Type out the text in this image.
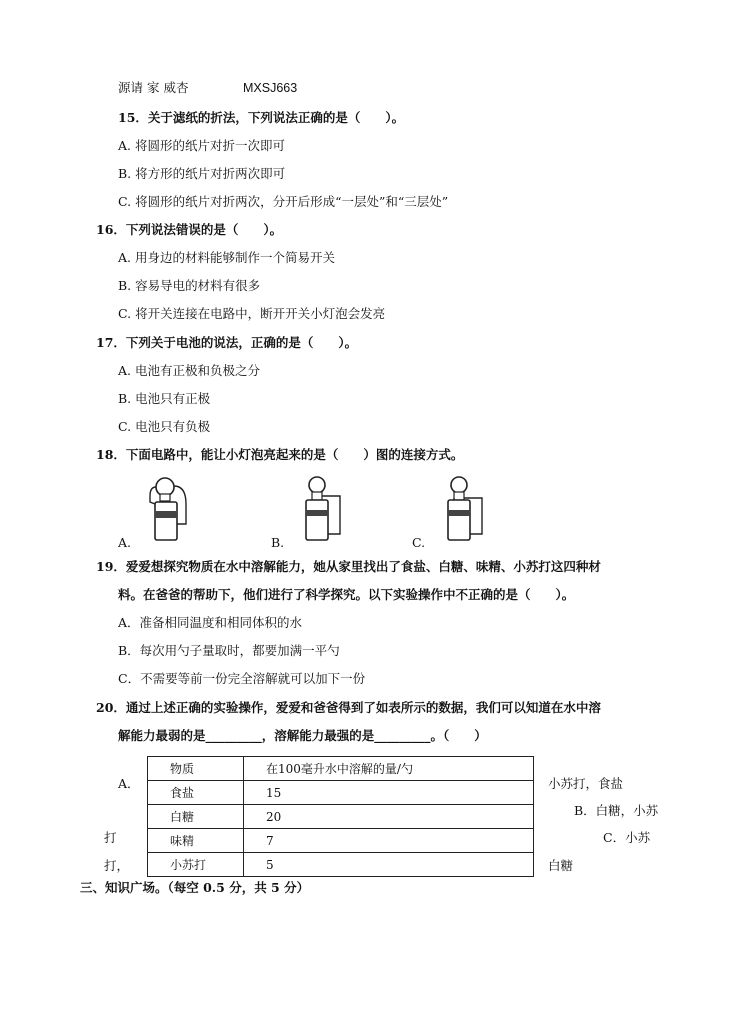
源请 家 威杏	MXSJ663
15．关于滤纸的折法，下列说法正确的是（　　）。
A. 将圆形的纸片对折一次即可
B. 将方形的纸片对折两次即可
C. 将圆形的纸片对折两次，分开后形成“一层处”和“三层处”
16．下列说法错误的是（　　）。
A. 用身边的材料能够制作一个简易开关
B. 容易导电的材料有很多
C. 将开关连接在电路中，断开开关小灯泡会发亮
17．下列关于电池的说法，正确的是（　　）。
A. 电池有正极和负极之分
B. 电池只有正极
C. 电池只有负极
18．下面电路中，能让小灯泡亮起来的是（　　）图的连接方式。
A.	B.	C.
19．爱爱想探究物质在水中溶解能力，她从家里找出了食盐、白糖、味精、小苏打这四种材
料。在爸爸的帮助下，他们进行了科学探究。以下实验操作中不正确的是（　　）。
A．准备相同温度和相同体积的水
B．每次用勺子量取时，都要加满一平勺
C．不需要等前一份完全溶解就可以加下一份
20．通过上述正确的实验操作，爱爱和爸爸得到了如表所示的数据，我们可以知道在水中溶
解能力最弱的是_________，溶解能力最强的是_________。（　　）
物质	在100毫升水中溶解的量/勺
食盐	15
白糖	20
味精	7
小苏打	5
A．
打
打，
小苏打，食盐
B．白糖，小苏
C．小苏
白糖
三、知识广场。（每空 0.5 分，共 5 分）
